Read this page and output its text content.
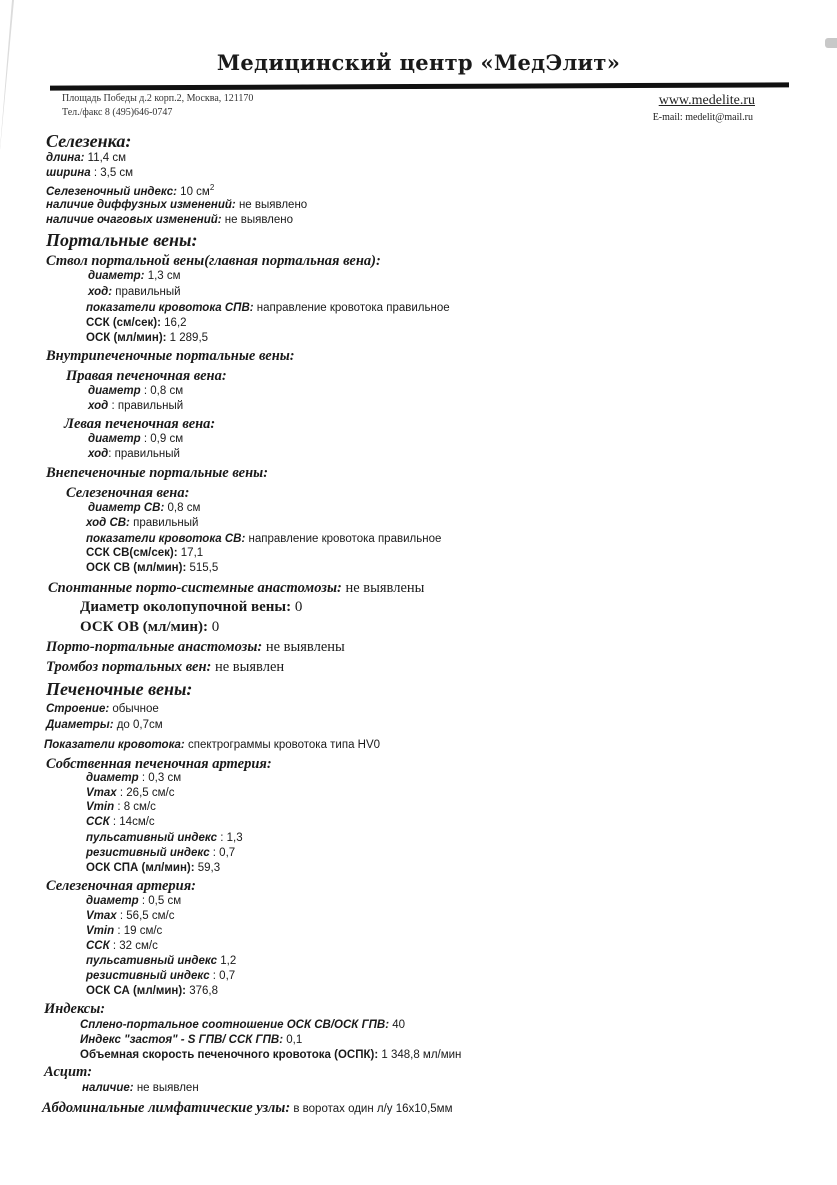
Медицинский центр «МедЭлит»
Площадь Победы д.2 корп.2, Москва, 121170
Тел./факс 8 (495)646-0747
www.medelite.ru
E-mail: medelit@mail.ru
Селезенка:
длина: 11,4 см
ширина : 3,5 см
Селезеночный индекс: 10 $см^2$
наличие диффузных изменений: не выявлено
наличие очаговых изменений: не выявлено
Портальные вены:
Ствол портальной вены(главная портальная вена):
диаметр: 1,3 см
ход: правильный
показатели кровотока СПВ: направление кровотока правильное
ССК (см/сек): 16,2
ОСК (мл/мин): 1 289,5
Внутрипеченочные портальные вены:
Правая печеночная вена:
диаметр : 0,8 см
ход : правильный
Левая печеночная вена:
диаметр : 0,9 см
ход: правильный
Внепеченочные портальные вены:
Селезеночная вена:
диаметр СВ: 0,8 см
ход СВ: правильный
показатели кровотока СВ: направление кровотока правильное
ССК СВ(см/сек): 17,1
ОСК СВ (мл/мин): 515,5
Спонтанные порто-системные анастомозы: не выявлены
Диаметр околопупочной вены: 0
ОСК ОВ (мл/мин): 0
Порто-портальные анастомозы: не выявлены
Тромбоз портальных вен: не выявлен
Печеночные вены:
Строение: обычное
Диаметры: до 0,7см
Показатели кровотока: спектрограммы кровотока типа HV0
Собственная печеночная артерия:
диаметр : 0,3 см
Vmax : 26,5 см/с
Vmin : 8 см/с
ССК : 14см/с
пульсативный индекс : 1,3
резистивный индекс : 0,7
ОСК СПА (мл/мин): 59,3
Селезеночная артерия:
диаметр : 0,5 см
Vmax : 56,5 см/с
Vmin : 19 см/с
ССК : 32 см/с
пульсативный индекс 1,2
резистивный индекс : 0,7
ОСК СА (мл/мин): 376,8
Индексы:
Сплено-портальное соотношение ОСК СВ/ОСК ГПВ: 40
Индекс "застоя" - S ГПВ/ ССК ГПВ: 0,1
Объемная скорость печеночного кровотока (ОСПК): 1 348,8 мл/мин
Асцит:
наличие: не выявлен
Абдоминальные лимфатические узлы: в воротах один л/у 16x10,5мм
